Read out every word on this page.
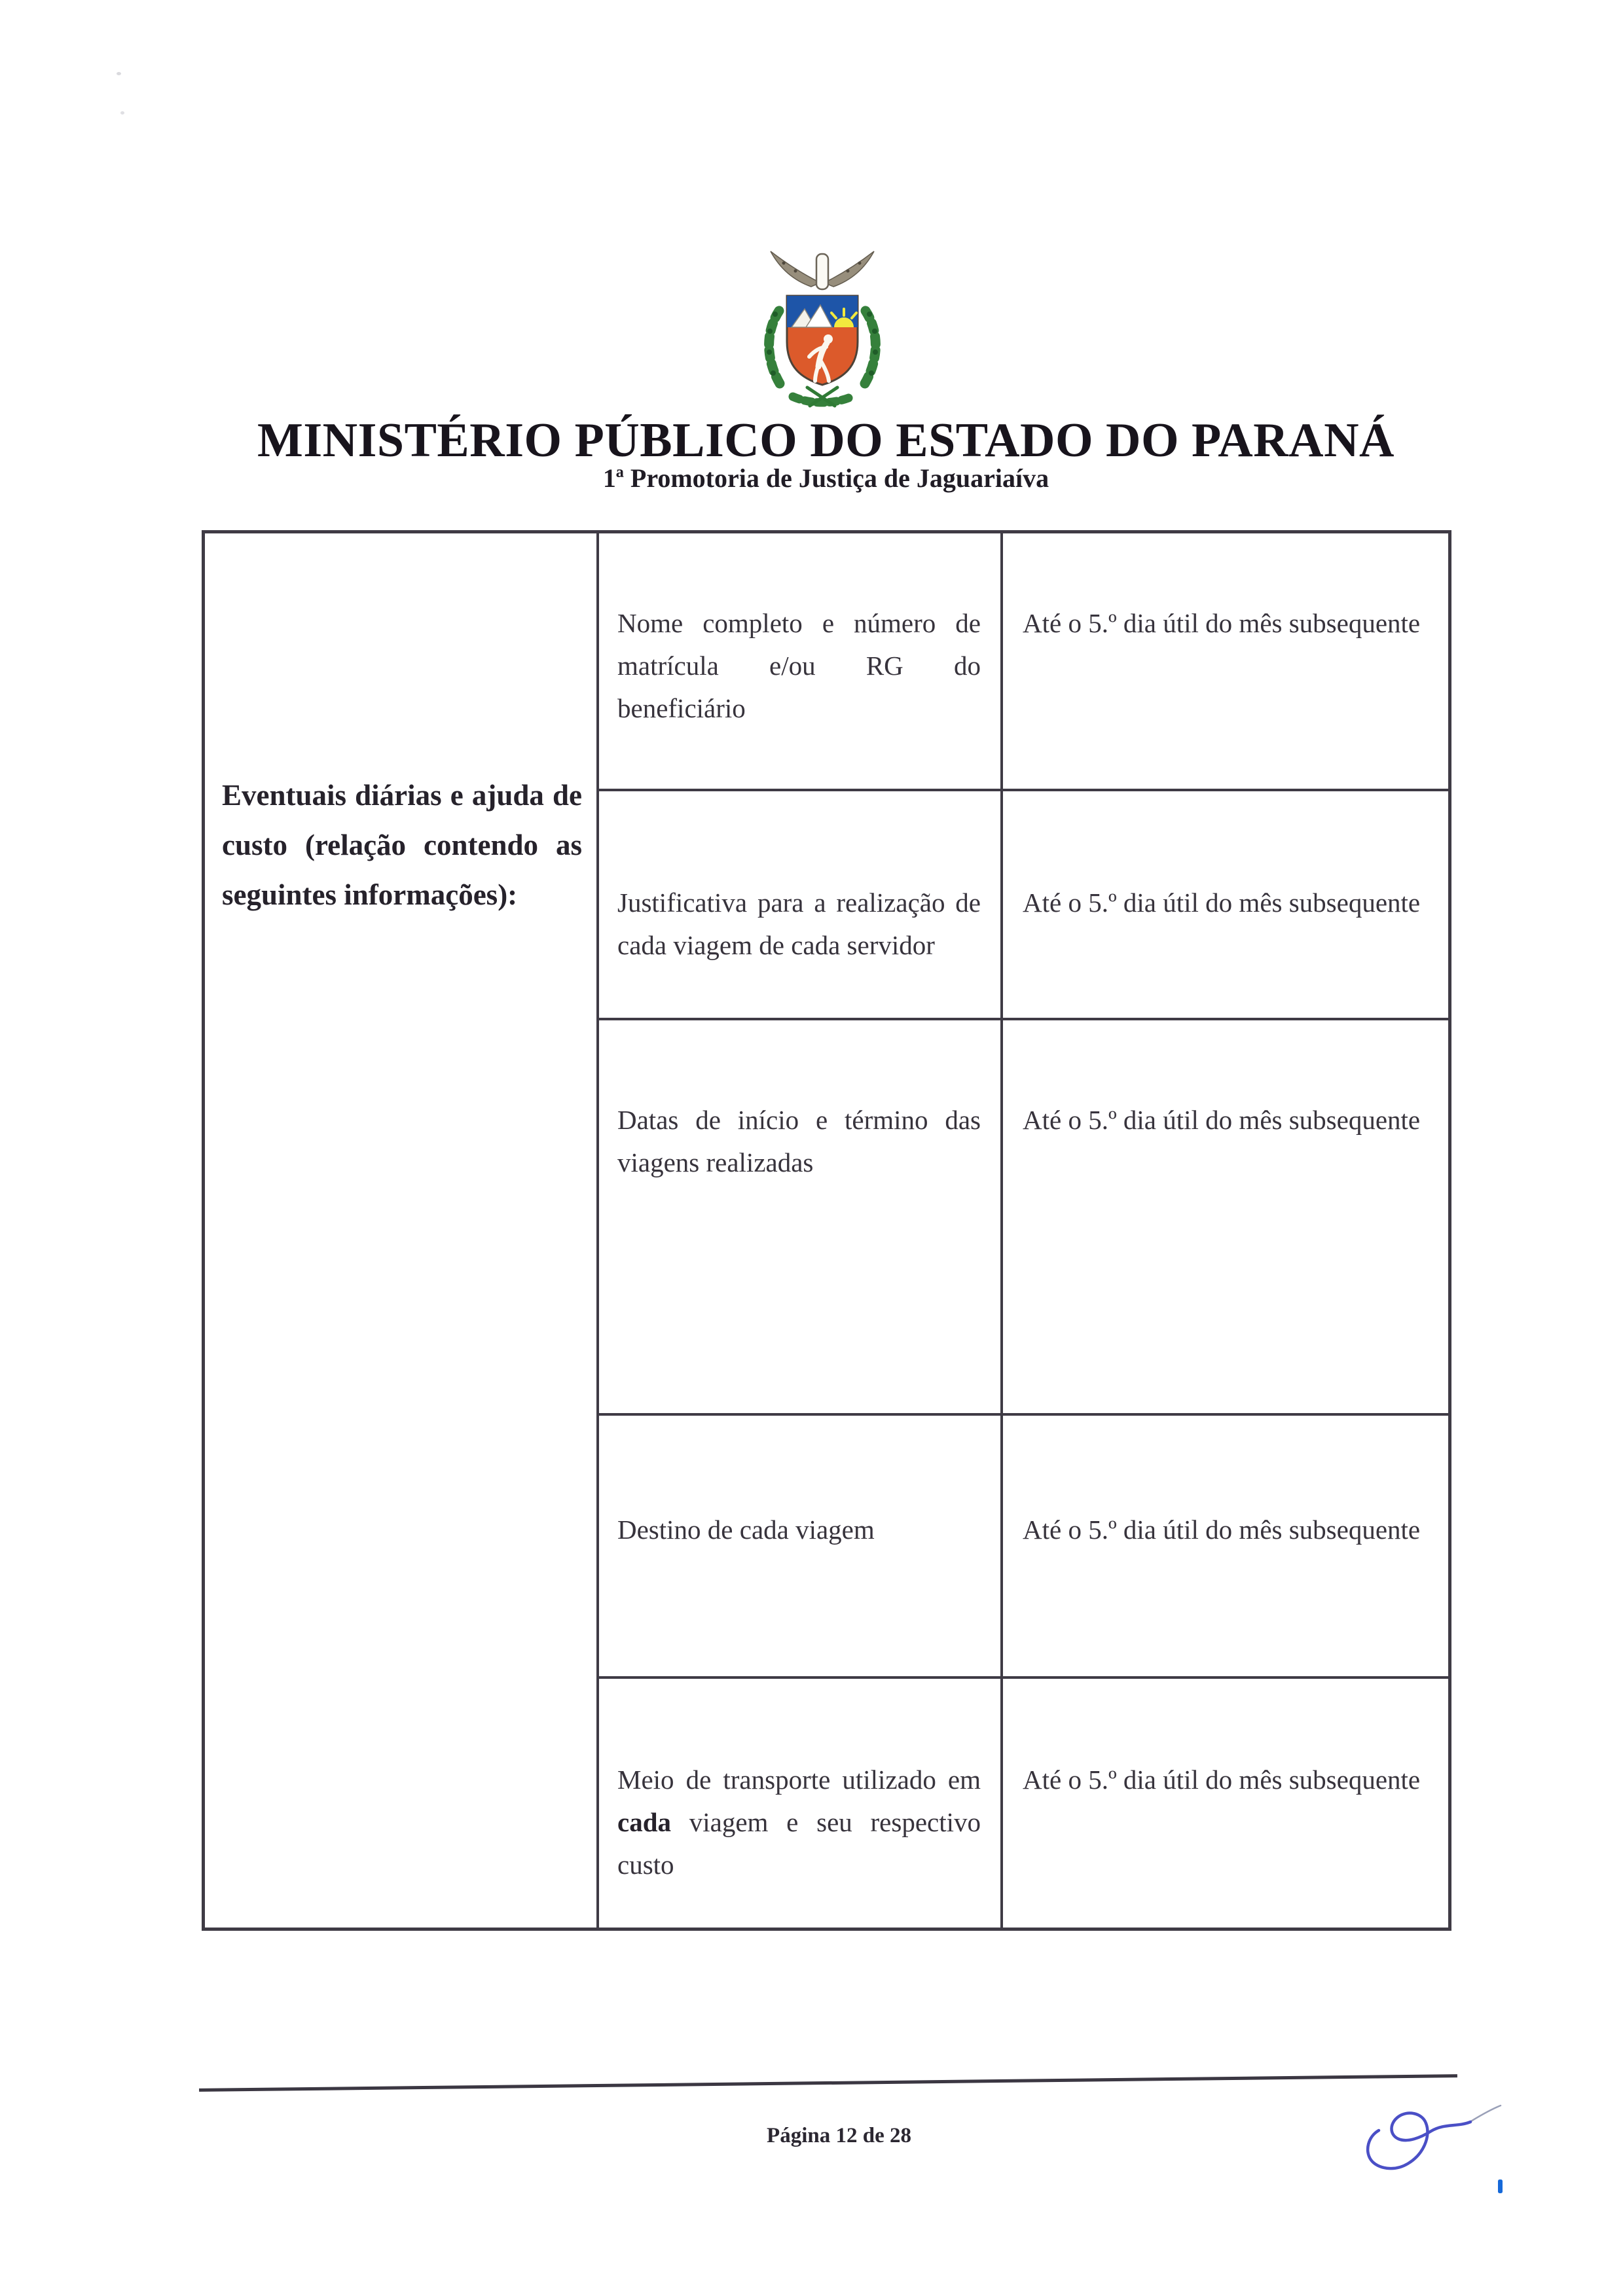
MINISTÉRIO PÚBLICO DO ESTADO DO PARANÁ
1ª Promotoria de Justiça de Jaguariaíva

Eventuais diárias e ajuda de custo (relação contendo as seguintes informações):

Nome completo e número de matrícula e/ou RG do beneficiário

Até o 5.º dia útil do mês subsequente

Justificativa para a realização de cada viagem de cada servidor

Até o 5.º dia útil do mês subsequente

Datas de início e término das viagens realizadas

Até o 5.º dia útil do mês subsequente

Destino de cada viagem	Até o 5.º dia útil do mês subsequente

Meio de transporte utilizado em cada viagem e seu respectivo custo

Até o 5.º dia útil do mês subsequente

Página 12 de 28
